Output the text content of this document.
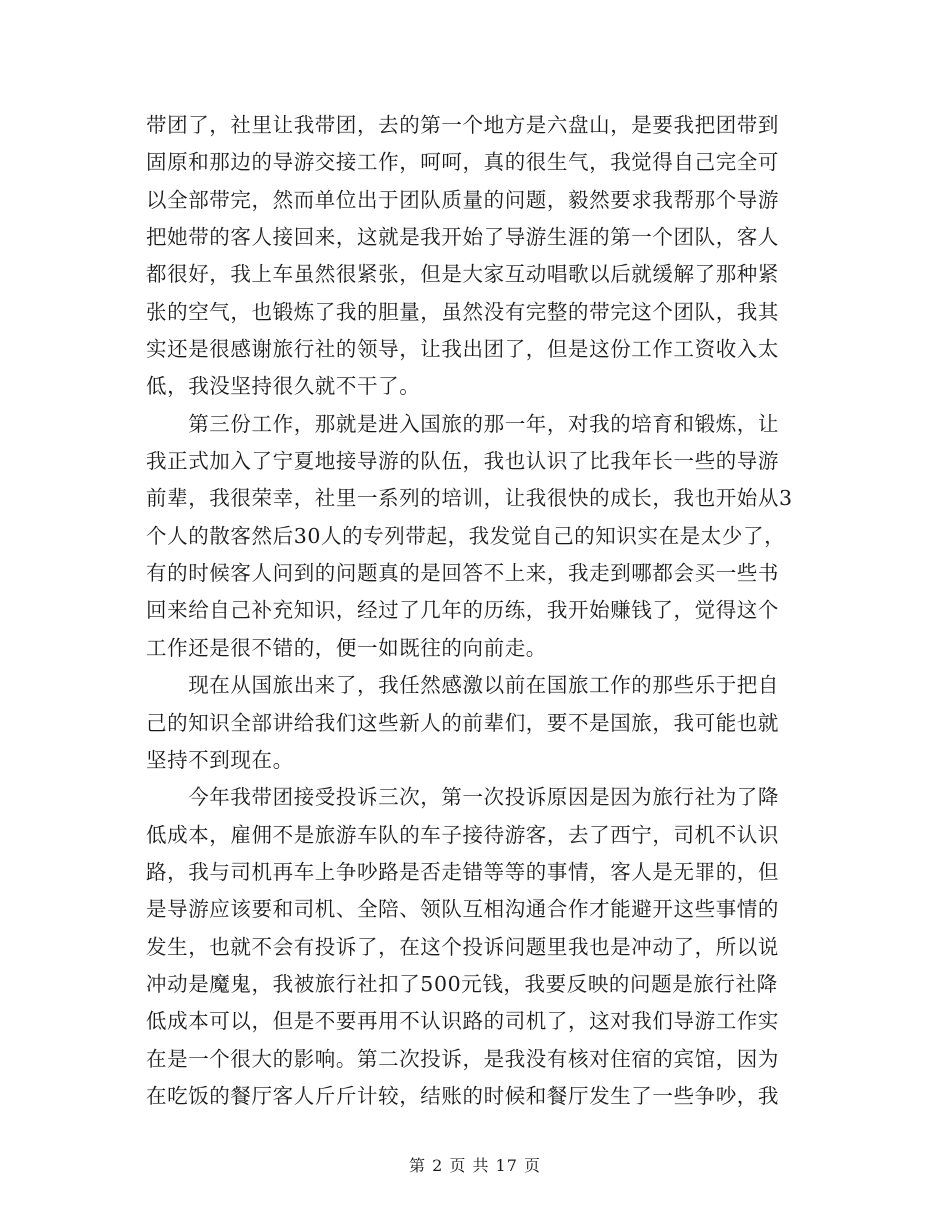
带团了，社里让我带团，去的第一个地方是六盘山，是要我把团带到
固原和那边的导游交接工作，呵呵，真的很生气，我觉得自己完全可
以全部带完，然而单位出于团队质量的问题，毅然要求我帮那个导游
把她带的客人接回来，这就是我开始了导游生涯的第一个团队，客人
都很好，我上车虽然很紧张，但是大家互动唱歌以后就缓解了那种紧
张的空气，也锻炼了我的胆量，虽然没有完整的带完这个团队，我其
实还是很感谢旅行社的领导，让我出团了，但是这份工作工资收入太
低，我没坚持很久就不干了。
　　第三份工作，那就是进入国旅的那一年，对我的培育和锻炼，让
我正式加入了宁夏地接导游的队伍，我也认识了比我年长一些的导游
前辈，我很荣幸，社里一系列的培训，让我很快的成长，我也开始从3
个人的散客然后30人的专列带起，我发觉自己的知识实在是太少了，
有的时候客人问到的问题真的是回答不上来，我走到哪都会买一些书
回来给自己补充知识，经过了几年的历练，我开始赚钱了，觉得这个
工作还是很不错的，便一如既往的向前走。
　　现在从国旅出来了，我任然感激以前在国旅工作的那些乐于把自
己的知识全部讲给我们这些新人的前辈们，要不是国旅，我可能也就
坚持不到现在。
　　今年我带团接受投诉三次，第一次投诉原因是因为旅行社为了降
低成本，雇佣不是旅游车队的车子接待游客，去了西宁，司机不认识
路，我与司机再车上争吵路是否走错等等的事情，客人是无罪的，但
是导游应该要和司机、全陪、领队互相沟通合作才能避开这些事情的
发生，也就不会有投诉了，在这个投诉问题里我也是冲动了，所以说
冲动是魔鬼，我被旅行社扣了500元钱，我要反映的问题是旅行社降
低成本可以，但是不要再用不认识路的司机了，这对我们导游工作实
在是一个很大的影响。第二次投诉，是我没有核对住宿的宾馆，因为
在吃饭的餐厅客人斤斤计较，结账的时候和餐厅发生了一些争吵，我
第 2 页 共 17 页
